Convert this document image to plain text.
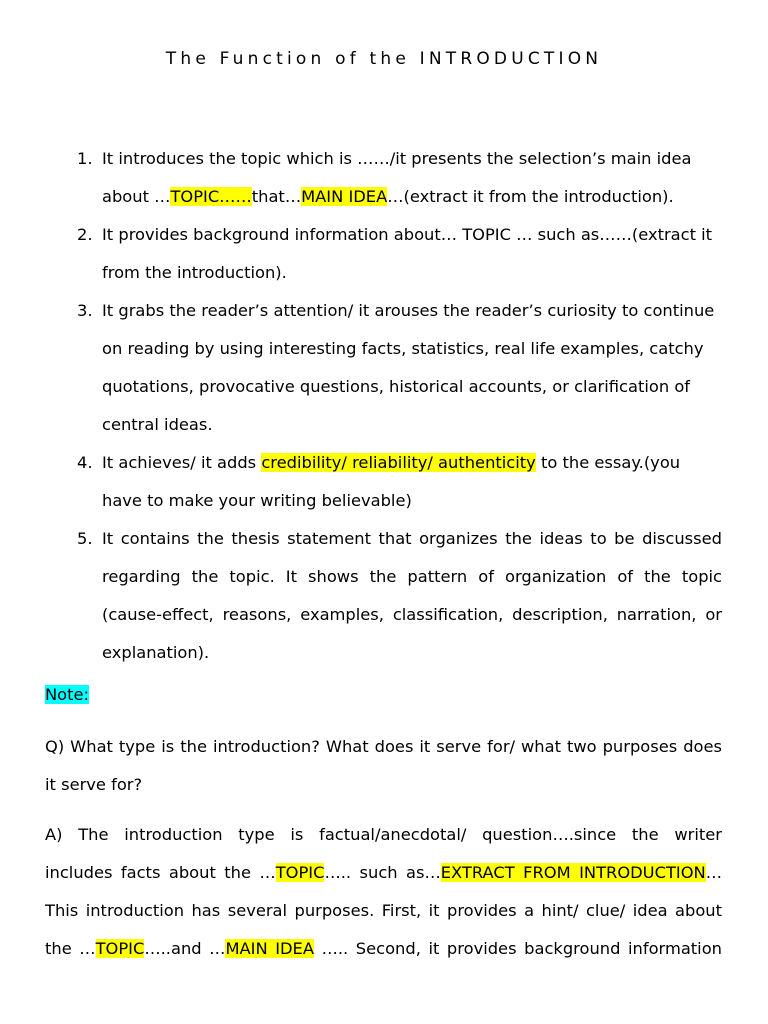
The Function of the INTRODUCTION
1. It introduces the topic which is ……/it presents the selection’s main idea about …TOPIC……that…MAIN IDEA…(extract it from the introduction).
2. It provides background information about… TOPIC … such as……(extract it from the introduction).
3. It grabs the reader’s attention/ it arouses the reader’s curiosity to continue on reading by using interesting facts, statistics, real life examples, catchy quotations, provocative questions, historical accounts, or clarification of central ideas.
4. It achieves/ it adds credibility/ reliability/ authenticity to the essay.(you have to make your writing believable)
5. It contains the thesis statement that organizes the ideas to be discussed regarding the topic. It shows the pattern of organization of the topic (cause-effect, reasons, examples, classification, description, narration, or explanation).
Note:
Q) What type is the introduction? What does it serve for/ what two purposes does it serve for?
A) The introduction type is factual/anecdotal/ question….since the writer
includes facts about the …TOPIC….. such as…EXTRACT FROM INTRODUCTION…
This introduction has several purposes. First, it provides a hint/ clue/ idea about
the …TOPIC…..and …MAIN IDEA ….. Second, it provides background information
